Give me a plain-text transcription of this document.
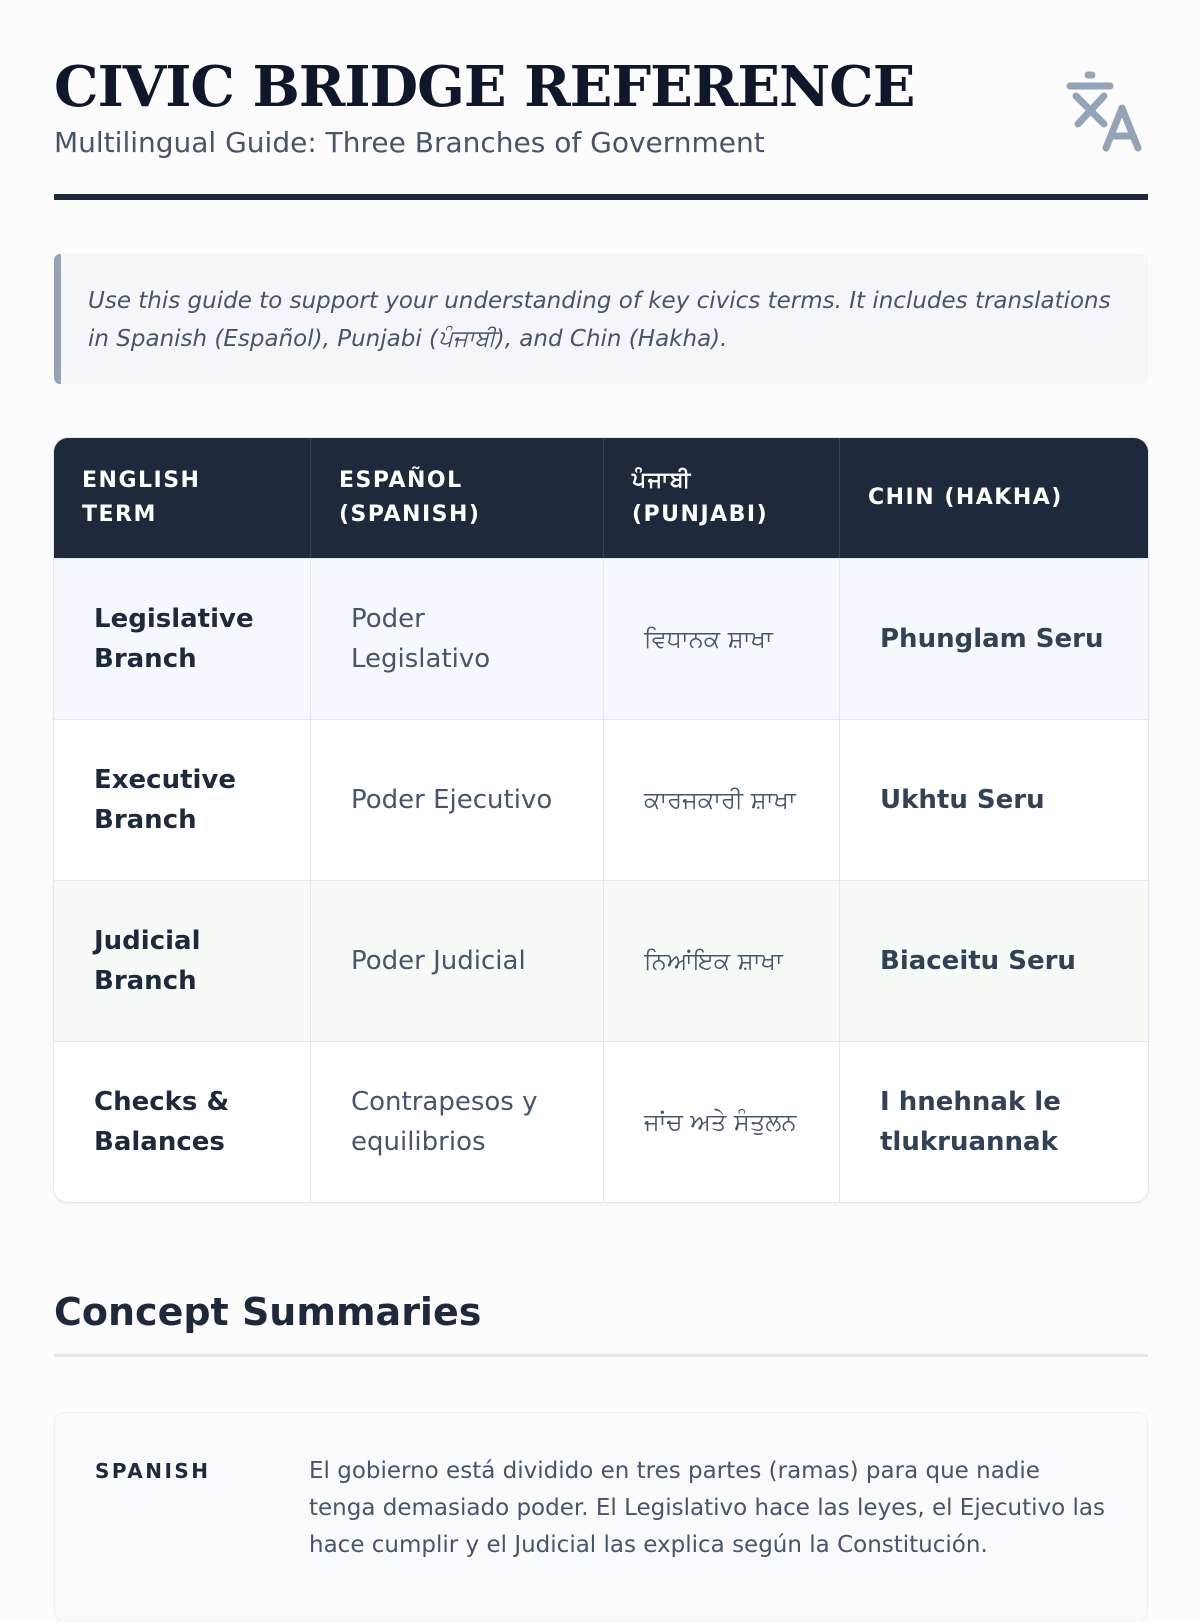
CIVIC BRIDGE REFERENCE
Multilingual Guide: Three Branches of Government
Use this guide to support your understanding of key civics terms. It includes translations in Spanish (Español), Punjabi (ਪੰਜਾਬੀ), and Chin (Hakha).
ENGLISH TERM	ESPAÑOL (SPANISH)	ਪੰਜਾਬੀ (PUNJABI)	CHIN (HAKHA)
Legislative Branch	Poder Legislativo	ਵਿਧਾਨਕ ਸ਼ਾਖਾ	Phunglam Seru
Executive Branch	Poder Ejecutivo	ਕਾਰਜਕਾਰੀ ਸ਼ਾਖਾ	Ukhtu Seru
Judicial Branch	Poder Judicial	ਨਿਆਂਇਕ ਸ਼ਾਖਾ	Biaceitu Seru
Checks & Balances	Contrapesos y equilibrios	ਜਾਂਚ ਅਤੇ ਸੰਤੁਲਨ	I hnehnak le tlukruannak
Concept Summaries
SPANISH	El gobierno está dividido en tres partes (ramas) para que nadie tenga demasiado poder. El Legislativo hace las leyes, el Ejecutivo las hace cumplir y el Judicial las explica según la Constitución.
